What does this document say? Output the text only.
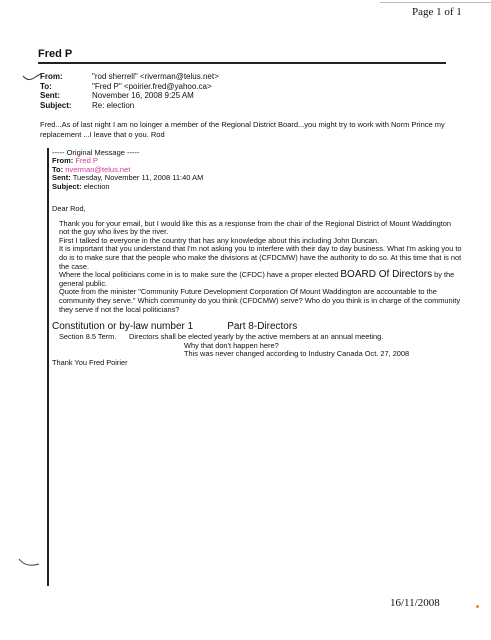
Page 1 of 1
Fred P
From:	"rod sherrell" <riverman@telus.net>
To:	"Fred P" <poirier.fred@yahoo.ca>
Sent:	November 16, 2008 9:25 AM
Subject:	Re: election
Fred...As of last night I am no loinger a member of the Regional District Board...you might try to work with Norm Prince my replacement ...I leave that o you. Rod
----- Original Message -----
From: Fred P
To: riverman@telus.net
Sent: Tuesday, November 11, 2008 11:40 AM
Subject: election

Dear Rod,

Thank you for your email, but I would like this as a response from the chair of the Regional District of Mount Waddington not the guy who lives by the river.

First I talked to everyone in the country that has any knowledge about this including John Duncan.

It is important that you understand that I'm not asking you to interfere with their day to day business. What I'm asking you to do is to make sure that the people who make the divisions at (CFDCMW) have the authority to do so. At this time that is not the case.

Where the local politicians come in is to make sure the (CFDC) have a proper elected BOARD Of Directors by the general public.

Quote from the minister "Community Future Development Corporation Of Mount Waddington are accountable to the community they serve." Which community do you think (CFDCMW) serve? Who do you think is in charge of the community they serve if not the local politicians?

Constitution or by-law number 1	Part 8-Directors

Section 8.5 Term. Directors shall be elected yearly by the active members at an annual meeting.

Why that don't happen here?

This was never changed according to Industry Canada Oct. 27, 2008

Thank You Fred Poirier

16/11/2008
